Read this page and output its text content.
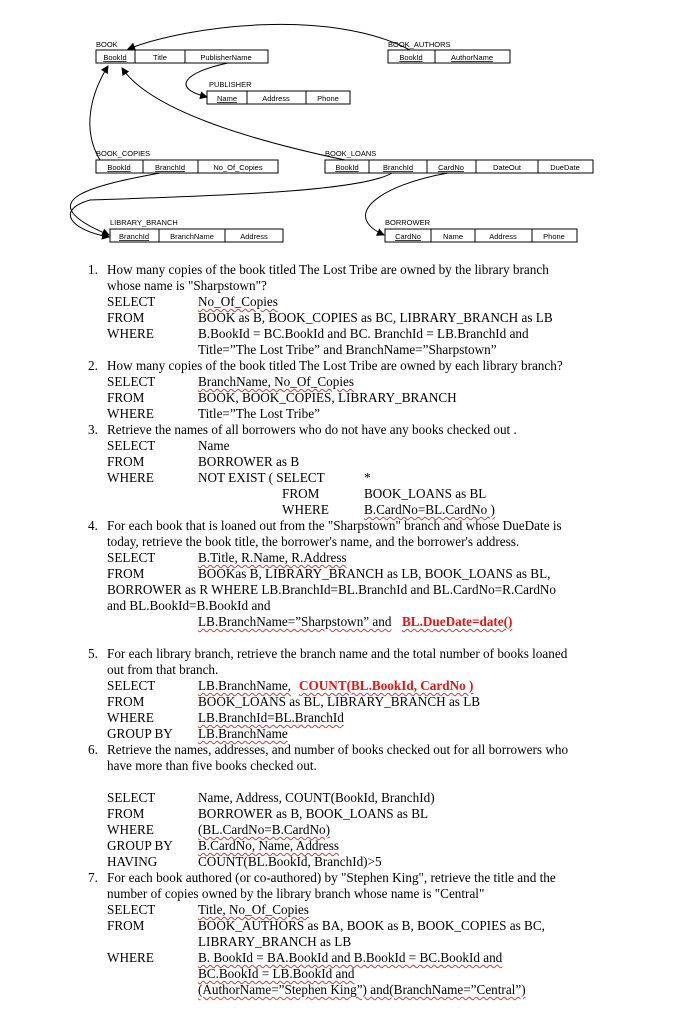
BOOK
BookId	Title	PublisherName
BOOK_AUTHORS
BookId	AuthorName
PUBLISHER
Name	Address	Phone
BOOK_COPIES
BookId	BranchId	No_Of_Copies
BOOK_LOANS
BookId	BranchId	CardNo	DateOut	DueDate
LIBRARY_BRANCH
BranchId	BranchName	Address
BORROWER
CardNo	Name	Address	Phone
1. How many copies of the book titled The Lost Tribe are owned by the library branch
whose name is "Sharpstown"?
SELECT	No_Of_Copies
FROM	BOOK as B, BOOK_COPIES as BC, LIBRARY_BRANCH as LB
WHERE	B.BookId = BC.BookId and BC. BranchId = LB.BranchId and
Title=”The Lost Tribe” and BranchName=”Sharpstown”
2. How many copies of the book titled The Lost Tribe are owned by each library branch?
SELECT	BranchName, No_Of_Copies
FROM	BOOK, BOOK_COPIES, LIBRARY_BRANCH
WHERE	Title=”The Lost Tribe”
3. Retrieve the names of all borrowers who do not have any books checked out .
SELECT	Name
FROM	BORROWER as B
WHERE	NOT EXIST ( SELECT	*
FROM	BOOK_LOANS as BL
WHERE	B.CardNo=BL.CardNo )
4. For each book that is loaned out from the "Sharpstown" branch and whose DueDate is
today, retrieve the book title, the borrower's name, and the borrower's address.
SELECT	B.Title, R.Name, R.Address
FROM	BOOKas B, LIBRARY_BRANCH as LB, BOOK_LOANS as BL,
BORROWER as R WHERE LB.BranchId=BL.BranchId and BL.CardNo=R.CardNo
and BL.BookId=B.BookId and
LB.BranchName=”Sharpstown” and BL.DueDate=date()
5. For each library branch, retrieve the branch name and the total number of books loaned
out from that branch.
SELECT	LB.BranchName, COUNT(BL.BookId, CardNo )
FROM	BOOK_LOANS as BL, LIBRARY_BRANCH as LB
WHERE	LB.BranchId=BL.BranchId
GROUP BY LB.BranchName
6. Retrieve the names, addresses, and number of books checked out for all borrowers who
have more than five books checked out.
SELECT	Name, Address, COUNT(BookId, BranchId)
FROM	BORROWER as B, BOOK_LOANS as BL
WHERE	(BL.CardNo=B.CardNo)
GROUP BY B.CardNo, Name, Address
HAVING	COUNT(BL.BookId, BranchId)>5
7. For each book authored (or co-authored) by "Stephen King", retrieve the title and the
number of copies owned by the library branch whose name is "Central"
SELECT	Title, No_Of_Copies
FROM	BOOK_AUTHORS as BA, BOOK as B, BOOK_COPIES as BC,
LIBRARY_BRANCH as LB
WHERE	B. BookId = BA.BookId and B.BookId = BC.BookId and
BC.BookId = LB.BookId and
(AuthorName=”Stephen King”) and(BranchName=”Central”)
